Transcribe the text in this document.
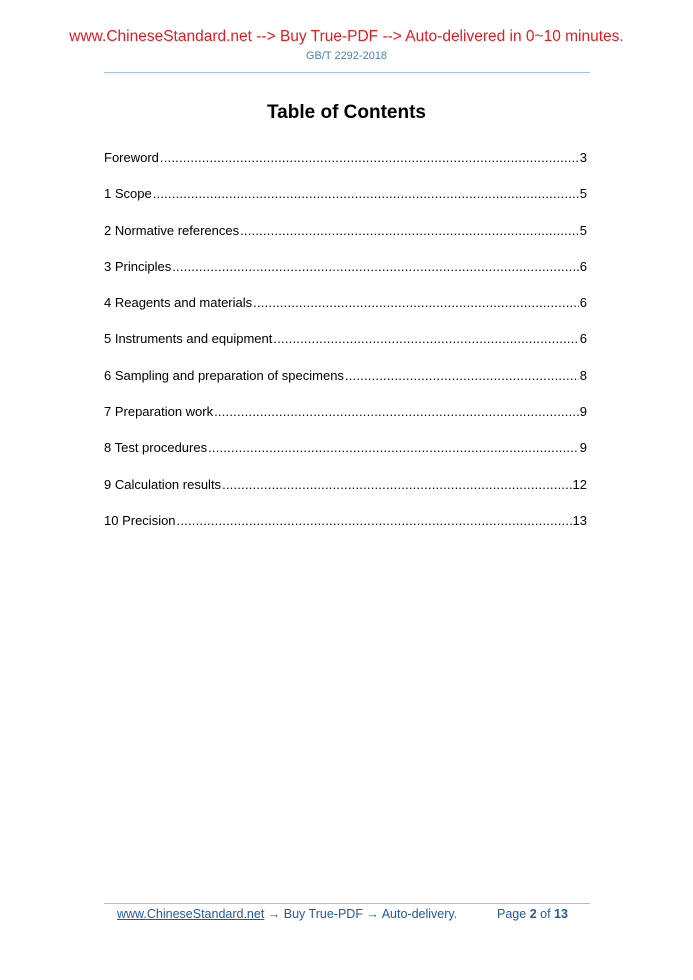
www.ChineseStandard.net --> Buy True-PDF --> Auto-delivered in 0~10 minutes.
GB/T 2292-2018
Table of Contents
Foreword .....	3
1 Scope .....	5
2 Normative references .....	5
3 Principles .....	6
4 Reagents and materials .....	6
5 Instruments and equipment .....	6
6 Sampling and preparation of specimens .....	8
7 Preparation work .....	9
8 Test procedures .....	9
9 Calculation results .....	12
10 Precision .....	13
www.ChineseStandard.net → Buy True-PDF → Auto-delivery.	Page 2 of 13
